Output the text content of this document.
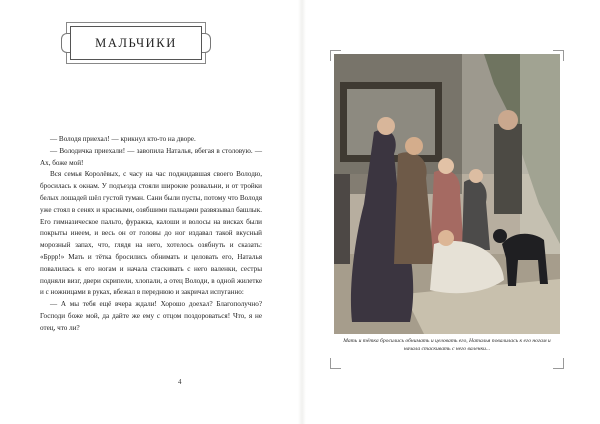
МАЛЬЧИКИ

— Володя приехал! — крикнул кто-то на дворе.

— Володичка приехали! — завопила Наталья, вбегая в столовую. — Ах, боже мой!

Вся семья Королёвых, с часу на час поджидавшая своего Володю, бросилась к окнам. У подъезда стояли широкие розвальни, и от тройки белых лошадей шёл густой туман. Сани были пусты, потому что Володя уже стоял в сенях и красными, озябшими пальцами развязывал башлык. Его гимназическое пальто, фуражка, калоши и волосы на висках были покрыты инеем, и весь он от головы до ног издавал такой вкусный морозный запах, что, глядя на него, хотелось озябнуть и сказать: «Бррр!» Мать и тётка бросились обнимать и целовать его, Наталья повалилась к его ногам и начала стаскивать с него валенки, сестры подняли визг, двери скрипели, хлопали, а отец Володи, в одной жилетке и с ножницами в руках, вбежал в переднюю и закричал испуганно:

— А мы тебя ещё вчера ждали! Хорошо доехал? Благополучно? Господи боже мой, да дайте же ему с отцом поздороваться! Что, я не отец, что ли?

4
Мать и тётка бросились обнимать и целовать его, Наталья повалилась к его ногам и начала стаскивать с него валенки...
